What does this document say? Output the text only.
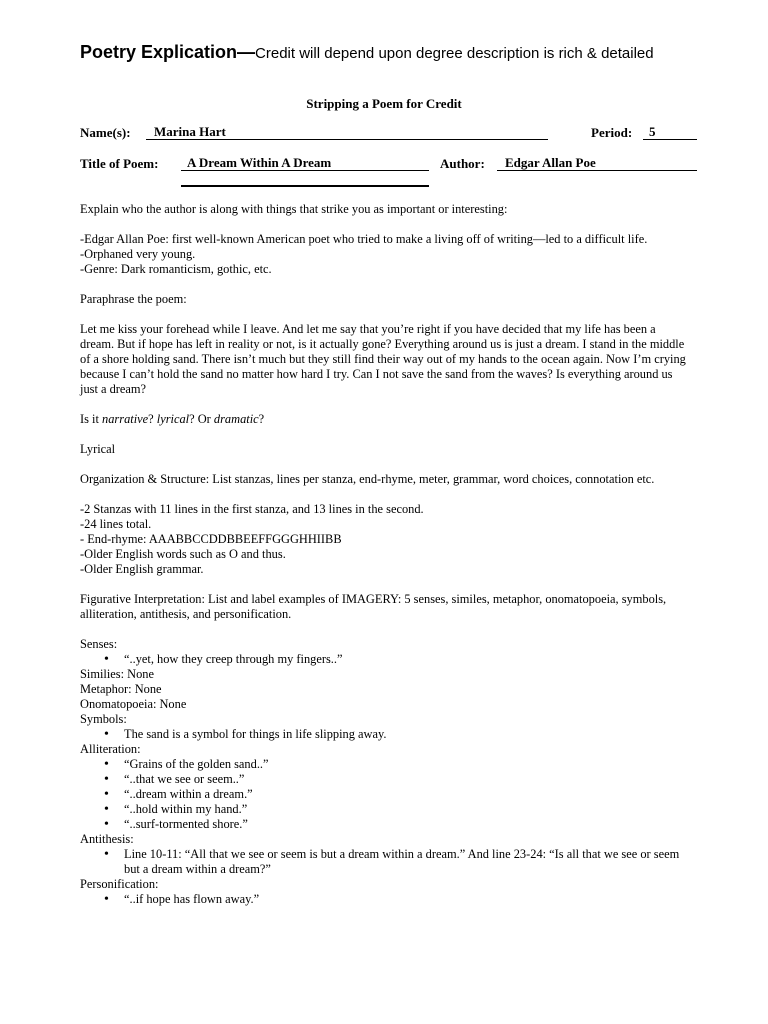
Poetry Explication—Credit will depend upon degree description is rich & detailed
Stripping a Poem for Credit
Name(s):	Marina Hart	Period:	5
Title of Poem:	A Dream Within A Dream	Author:	Edgar Allan Poe

Explain who the author is along with things that strike you as important or interesting:

-Edgar Allan Poe: first well-known American poet who tried to make a living off of writing—led to a difficult life.

-Orphaned very young.

-Genre: Dark romanticism, gothic, etc.

Paraphrase the poem:

Let me kiss your forehead while I leave. And let me say that you’re right if you have decided that my life has been a dream. But if hope has left in reality or not, is it actually gone? Everything around us is just a dream. I stand in the middle of a shore holding sand. There isn’t much but they still find their way out of my hands to the ocean again. Now I’m crying because I can’t hold the sand no matter how hard I try. Can I not save the sand from the waves? Is everything around us just a dream?

Is it narrative? lyrical? Or dramatic?

Lyrical

Organization & Structure: List stanzas, lines per stanza, end-rhyme, meter, grammar, word choices, connotation etc.

-2 Stanzas with 11 lines in the first stanza, and 13 lines in the second.

-24 lines total.

- End-rhyme: AAABBCCDDBBEEFFGGGHHIIBB

-Older English words such as O and thus.

-Older English grammar.

Figurative Interpretation: List and label examples of IMAGERY: 5 senses, similes, metaphor, onomatopoeia, symbols, alliteration, antithesis, and personification.

Senses:

• “..yet, how they creep through my fingers..”

Similies: None

Metaphor: None

Onomatopoeia: None

Symbols:

• The sand is a symbol for things in life slipping away.

Alliteration:

• “Grains of the golden sand..”
• “..that we see or seem..”
• “..dream within a dream.”
• “..hold within my hand.”
• “..surf-tormented shore.”

Antithesis:

• Line 10-11: “All that we see or seem is but a dream within a dream.” And line 23-24: “Is all that we see or seem but a dream within a dream?”

Personification:

• “..if hope has flown away.”
